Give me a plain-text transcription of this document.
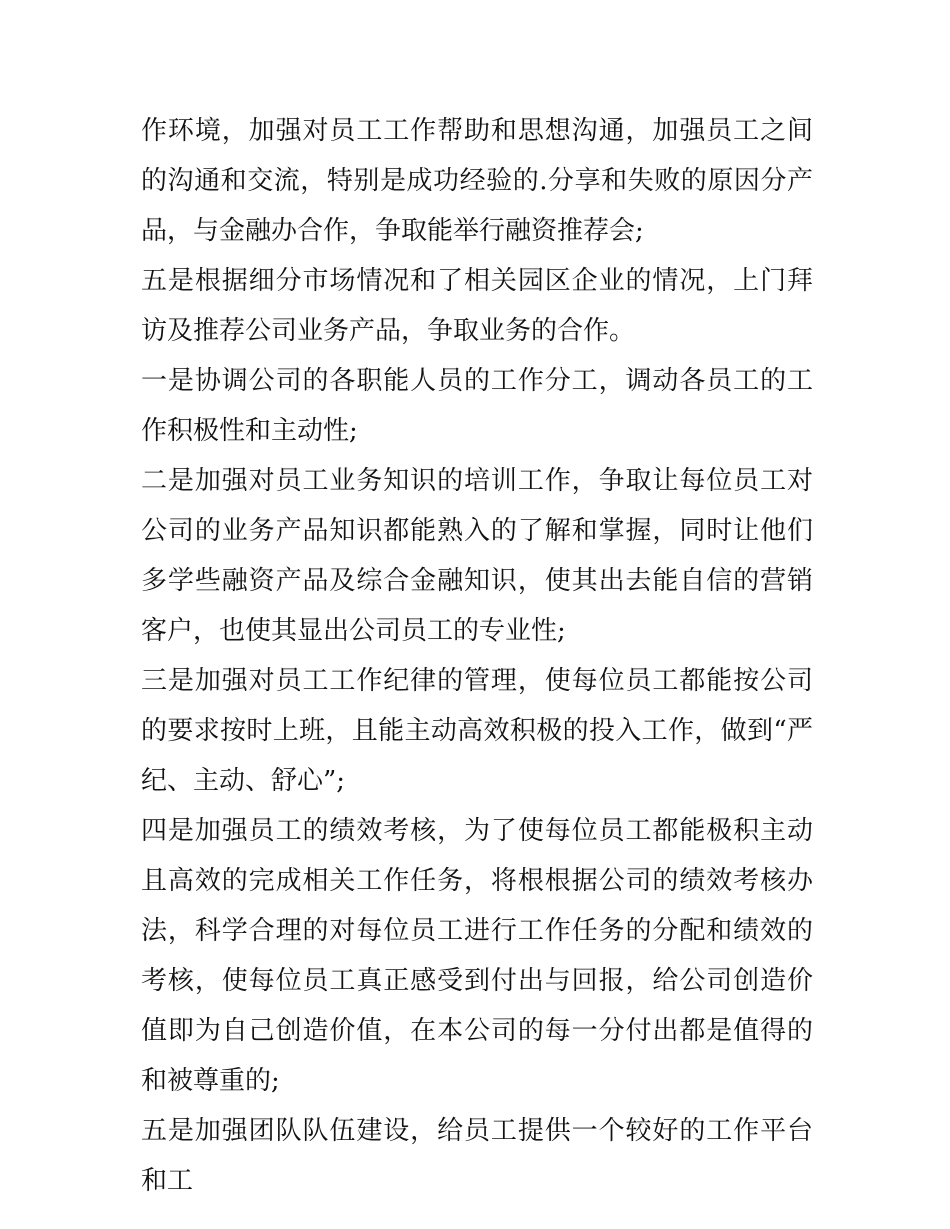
作环境，加强对员工工作帮助和思想沟通，加强员工之间的沟通和交流，特别是成功经验的.分享和失败的原因分产品，与金融办合作，争取能举行融资推荐会;

五是根据细分市场情况和了相关园区企业的情况，上门拜访及推荐公司业务产品，争取业务的合作。

一是协调公司的各职能人员的工作分工，调动各员工的工作积极性和主动性;

二是加强对员工业务知识的培训工作，争取让每位员工对公司的业务产品知识都能熟入的了解和掌握，同时让他们多学些融资产品及综合金融知识，使其出去能自信的营销客户，也使其显出公司员工的专业性;

三是加强对员工工作纪律的管理，使每位员工都能按公司的要求按时上班，且能主动高效积极的投入工作，做到“严纪、主动、舒心”;

四是加强员工的绩效考核，为了使每位员工都能极积主动且高效的完成相关工作任务，将根根据公司的绩效考核办法，科学合理的对每位员工进行工作任务的分配和绩效的考核，使每位员工真正感受到付出与回报，给公司创造价值即为自己创造价值，在本公司的每一分付出都是值得的和被尊重的;

五是加强团队队伍建设，给员工提供一个较好的工作平台和工
